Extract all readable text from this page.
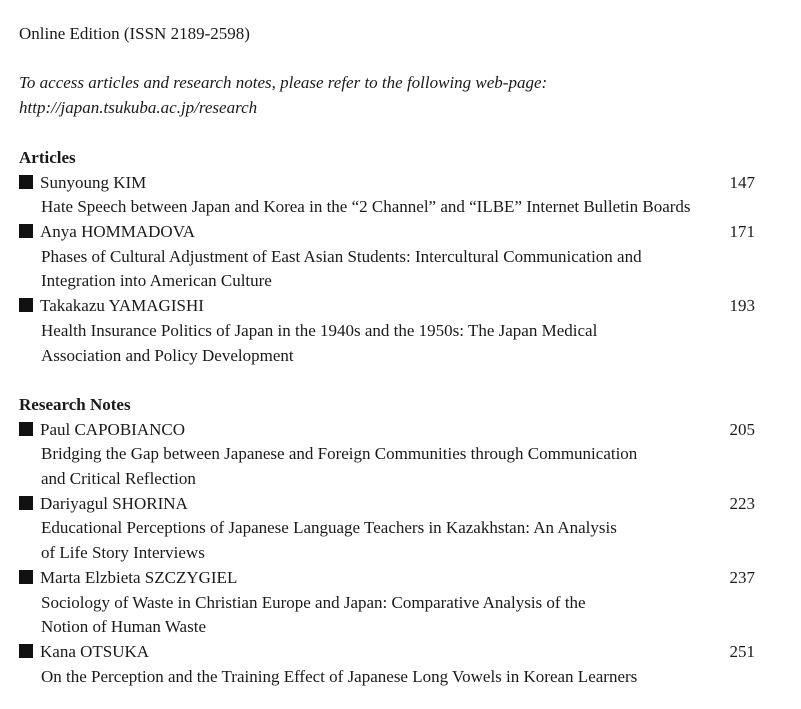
Online Edition (ISSN 2189-2598)
To access articles and research notes, please refer to the following web-page:
http://japan.tsukuba.ac.jp/research
Articles
Sunyoung KIM	147
Hate Speech between Japan and Korea in the “2 Channel” and “ILBE” Internet Bulletin Boards
Anya HOMMADOVA	171
Phases of Cultural Adjustment of East Asian Students: Intercultural Communication and
Integration into American Culture
Takakazu YAMAGISHI	193
Health Insurance Politics of Japan in the 1940s and the 1950s: The Japan Medical
Association and Policy Development
Research Notes
Paul CAPOBIANCO	205
Bridging the Gap between Japanese and Foreign Communities through Communication
and Critical Reflection
Dariyagul SHORINA	223
Educational Perceptions of Japanese Language Teachers in Kazakhstan: An Analysis
of Life Story Interviews
Marta Elzbieta SZCZYGIEL	237
Sociology of Waste in Christian Europe and Japan: Comparative Analysis of the
Notion of Human Waste
Kana OTSUKA	251
On the Perception and the Training Effect of Japanese Long Vowels in Korean Learners
